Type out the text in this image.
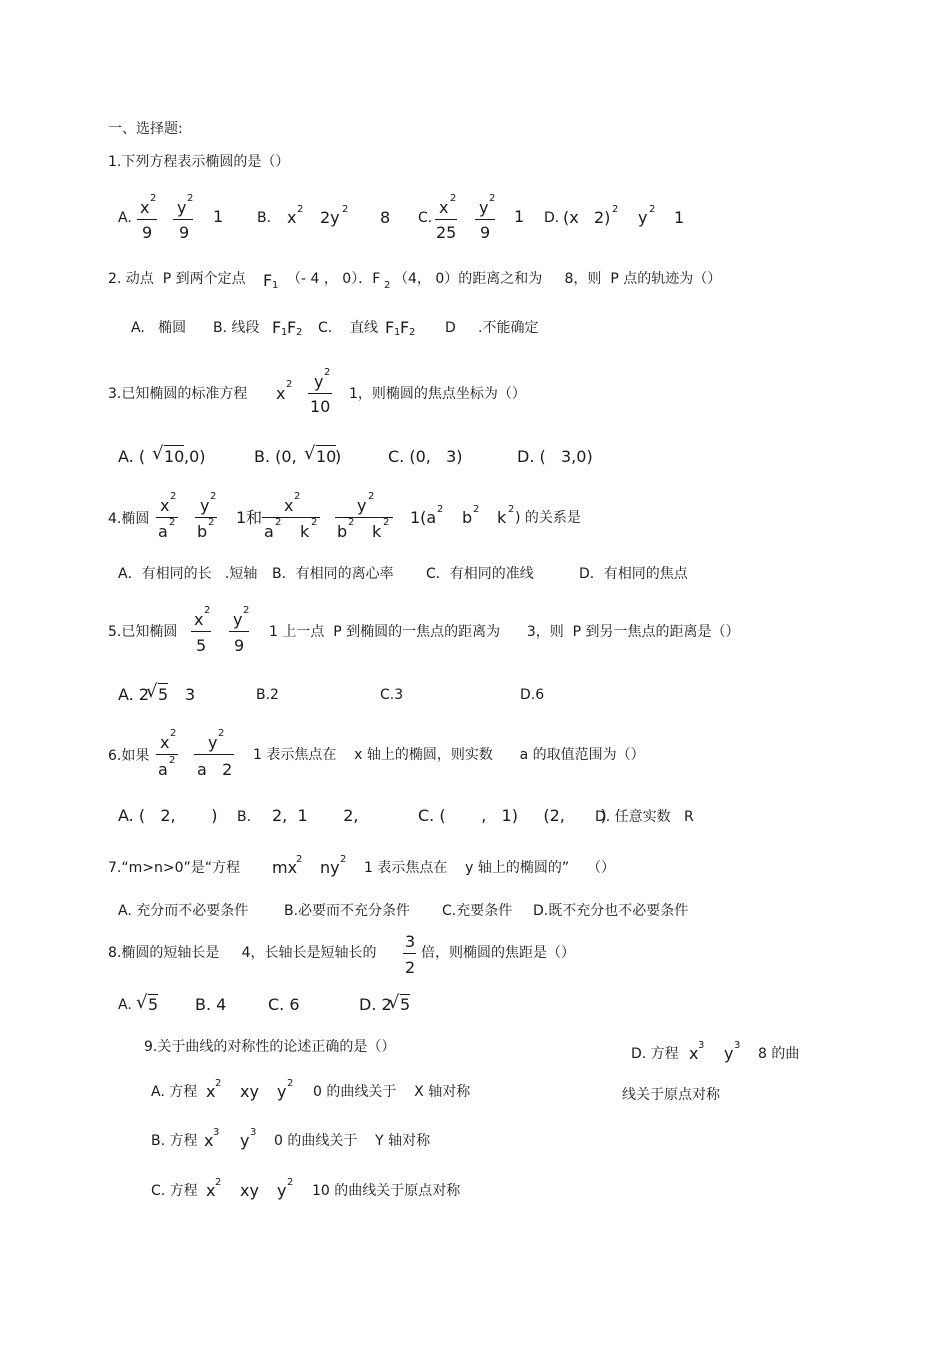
一、选择题:
1.下列方程表示椭圆的是（）
A.
x 2
9
y 2
9
1 B. x 2 2y 2 8 C.
x 2
25
y 2
9
1 D. (x 2) 2 y 2 1
2. 动点  P 到两个定点 F 1 （- 4 ， 0）．F 2 （4， 0）的距离之和为     8，则  P 点的轨迹为（）
A.   椭圆 B. 线段 F 1 F 2 C.    直线 F 1 F 2 D .不能确定
3.已知椭圆的标准方程 x 2 y 2
10
1，则椭圆的焦点坐标为（）
A. ( √ 10 ,0)	B. (0, √ 10
)	C. (0,   3)	D. (   3,0)
4.椭圆
x 2
a 2
y 2
b 2 1和
x 2
a 2 k 2
y 2
b 2 k 2 1(a 2 b 2 k 2
) 的关系是
A．有相同的长   .短轴 B．有相同的离心率 C．有相同的准线	D．有相同的焦点
5.已知椭圆
x 2
5
y 2
9
1 上一点  P 到椭圆的一焦点的距离为      3，则  P 到另一焦点的距离是（）
A. 2
√ 5 3	B.2	C.3	D.6
6.如果
x 2
a 2
y 2
a   2
1 表示焦点在    x 轴上的椭圆，则实数      a 的取值范围为（）
A. (   2,       ) B. 2,  1       2,	C. (       ,   1)     (2,       )
D. 任意实数   R
7.“m>n>0”是“方程 mx
2 ny 2
1 表示焦点在    y 轴上的椭圆的”    （）
A. 充分而不必要条件	B.必要而不充分条件 C.充要条件 D.既不充分也不必要条件
8.椭圆的短轴长是     4，长轴长是短轴长的
3
2
倍，则椭圆的焦距是（）
A. √ 5 B. 4	C. 6	D. 2
√ 5
9.关于曲线的对称性的论述正确的是（）	D. 方程 x 3 y 3
8 的曲
线关于原点对称
A. 方程 x 2 xy y 2
0 的曲线关于    X 轴对称
B. 方程 x 3 y 3
0 的曲线关于    Y 轴对称
C. 方程 x 2 xy y 2
10 的曲线关于原点对称
